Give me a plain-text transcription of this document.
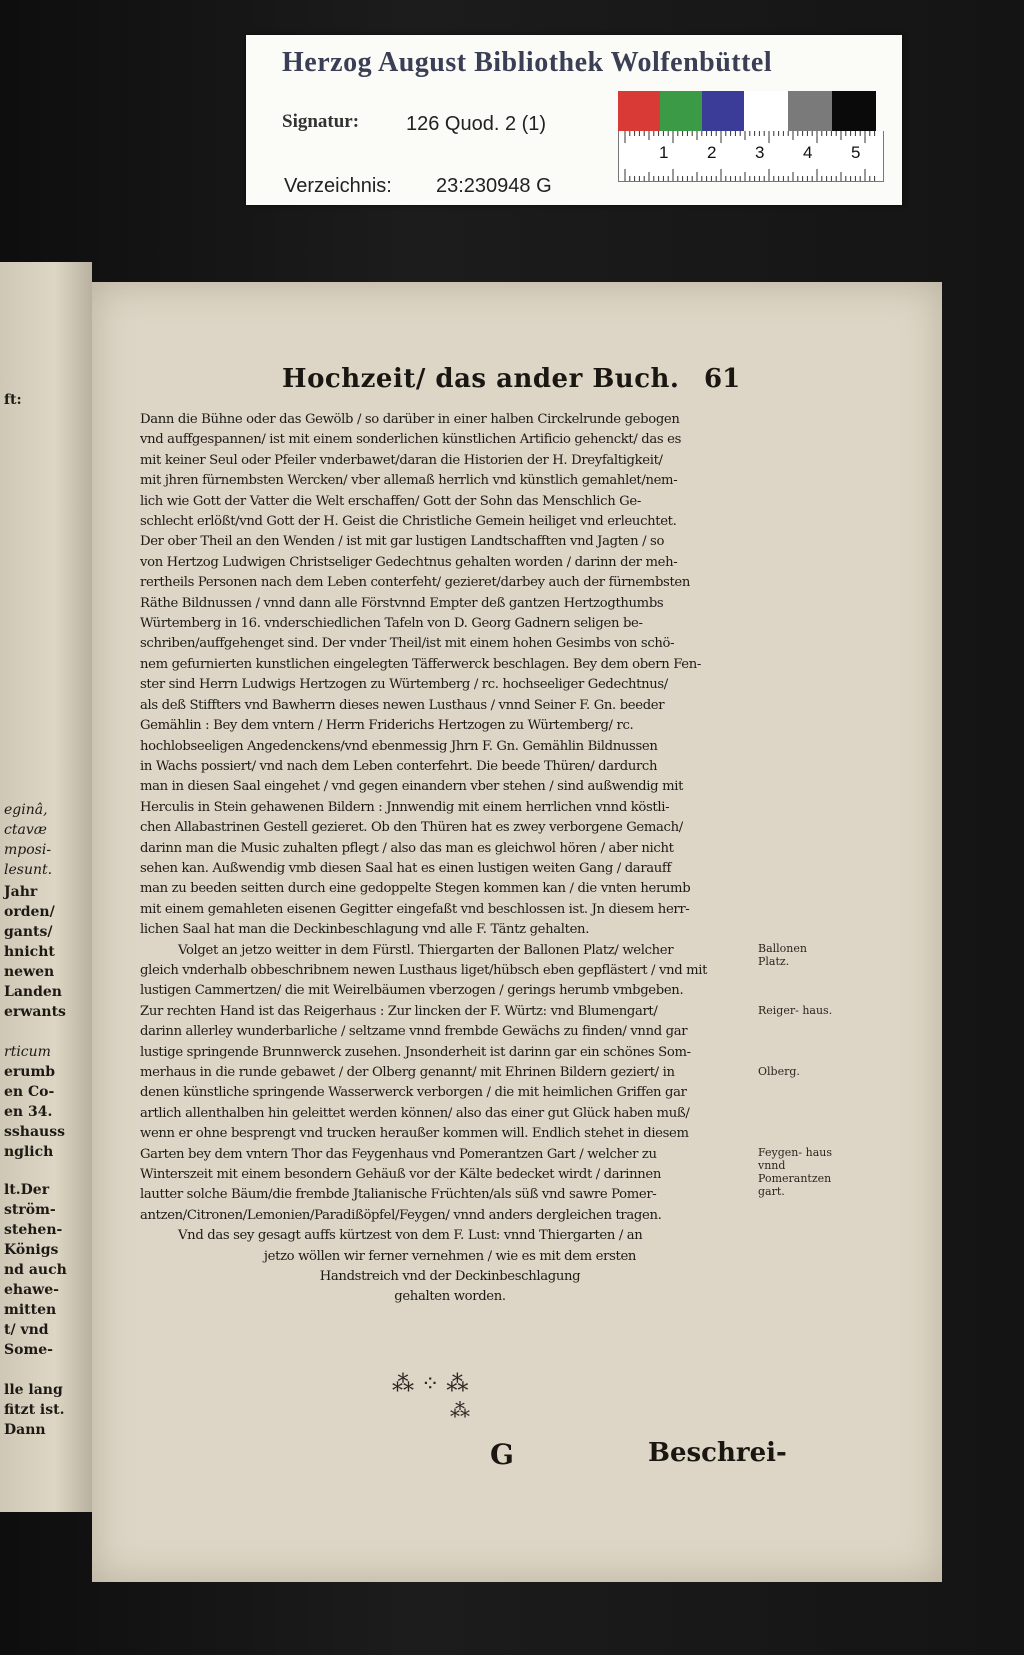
Herzog August Bibliothek Wolfenbüttel
Signatur: 126 Quod. 2 (1)
Verzeichnis: 23:230948 G
1 2 3 4 5
ft:
eginâ,
ctavæ
mposi-
lesunt.
Jahr
orden/
gants/
hnicht
newen
Landen
erwants
rticum
erumb
en Co-
en 34.
sshauss
nglich
lt.Der
ström-
stehen-
Königs
nd auch
ehawe-
mitten
t/ vnd
Some-
lle lang
fitzt ist.
Dann
Hochzeit/ das ander Buch. 61
Dann die Bühne oder das Gewölb / so darüber in einer halben Circkelrunde gebogen
vnd auffgespannen/ ist mit einem sonderlichen künstlichen Artificio gehenckt/ das es
mit keiner Seul oder Pfeiler vnderbawet/daran die Historien der H. Dreyfaltigkeit/
mit jhren fürnembsten Wercken/ vber allemaß herrlich vnd künstlich gemahlet/nem-
lich wie Gott der Vatter die Welt erschaffen/ Gott der Sohn das Menschlich Ge-
schlecht erlößt/vnd Gott der H. Geist die Christliche Gemein heiliget vnd erleuchtet.
Der ober Theil an den Wenden / ist mit gar lustigen Landtschafften vnd Jagten / so
von Hertzog Ludwigen Christseliger Gedechtnus gehalten worden / darinn der meh-
rertheils Personen nach dem Leben conterfeht/ gezieret/darbey auch der fürnembsten
Räthe Bildnussen / vnnd dann alle Förstvnnd Empter deß gantzen Hertzogthumbs
Würtemberg in 16. vnderschiedlichen Tafeln von D. Georg Gadnern seligen be-
schriben/auffgehenget sind. Der vnder Theil/ist mit einem hohen Gesimbs von schö-
nem gefurnierten kunstlichen eingelegten Täfferwerck beschlagen. Bey dem obern Fen-
ster sind Herrn Ludwigs Hertzogen zu Würtemberg / rc. hochseeliger Gedechtnus/
als deß Stiffters vnd Bawherrn dieses newen Lusthaus / vnnd Seiner F. Gn. beeder
Gemählin : Bey dem vntern / Herrn Friderichs Hertzogen zu Würtemberg/ rc.
hochlobseeligen Angedenckens/vnd ebenmessig Jhrn F. Gn. Gemählin Bildnussen
in Wachs possiert/ vnd nach dem Leben conterfehrt. Die beede Thüren/ dardurch
man in diesen Saal eingehet / vnd gegen einandern vber stehen / sind außwendig mit
Herculis in Stein gehawenen Bildern : Jnnwendig mit einem herrlichen vnnd köstli-
chen Allabastrinen Gestell gezieret. Ob den Thüren hat es zwey verborgene Gemach/
darinn man die Music zuhalten pflegt / also das man es gleichwol hören / aber nicht
sehen kan. Außwendig vmb diesen Saal hat es einen lustigen weiten Gang / darauff
man zu beeden seitten durch eine gedoppelte Stegen kommen kan / die vnten herumb
mit einem gemahleten eisenen Gegitter eingefaßt vnd beschlossen ist. Jn diesem herr-
lichen Saal hat man die Deckinbeschlagung vnd alle F. Täntz gehalten.
Volget an jetzo weitter in dem Fürstl. Thiergarten der Ballonen Platz/ welcher
gleich vnderhalb obbeschribnem newen Lusthaus liget/hübsch eben gepflästert / vnd mit
lustigen Cammertzen/ die mit Weirelbäumen vberzogen / gerings herumb vmbgeben.
Zur rechten Hand ist das Reigerhaus : Zur lincken der F. Würtz: vnd Blumengart/
darinn allerley wunderbarliche / seltzame vnnd frembde Gewächs zu finden/ vnnd gar
lustige springende Brunnwerck zusehen. Jnsonderheit ist darinn gar ein schönes Som-
merhaus in die runde gebawet / der Olberg genannt/ mit Ehrinen Bildern geziert/ in
denen künstliche springende Wasserwerck verborgen / die mit heimlichen Griffen gar
artlich allenthalben hin geleittet werden können/ also das einer gut Glück haben muß/
wenn er ohne besprengt vnd trucken heraußer kommen will. Endlich stehet in diesem
Garten bey dem vntern Thor das Feygenhaus vnd Pomerantzen Gart / welcher zu
Winterszeit mit einem besondern Gehäuß vor der Kälte bedecket wirdt / darinnen
lautter solche Bäum/die frembde Jtalianische Früchten/als süß vnd sawre Pomer-
antzen/Citronen/Lemonien/Paradißöpfel/Feygen/ vnnd anders dergleichen tragen.
Vnd das sey gesagt auffs kürtzest von dem F. Lust: vnnd Thiergarten / an
jetzo wöllen wir ferner vernehmen / wie es mit dem ersten
Handstreich vnd der Deckinbeschlagung
gehalten worden.
Ballonen Platz.
Reiger- haus.
Olberg.
Feygen- haus vnnd Pomerantzen gart.
⁂ ⁘ ⁂
⁂
G	Beschrei-
